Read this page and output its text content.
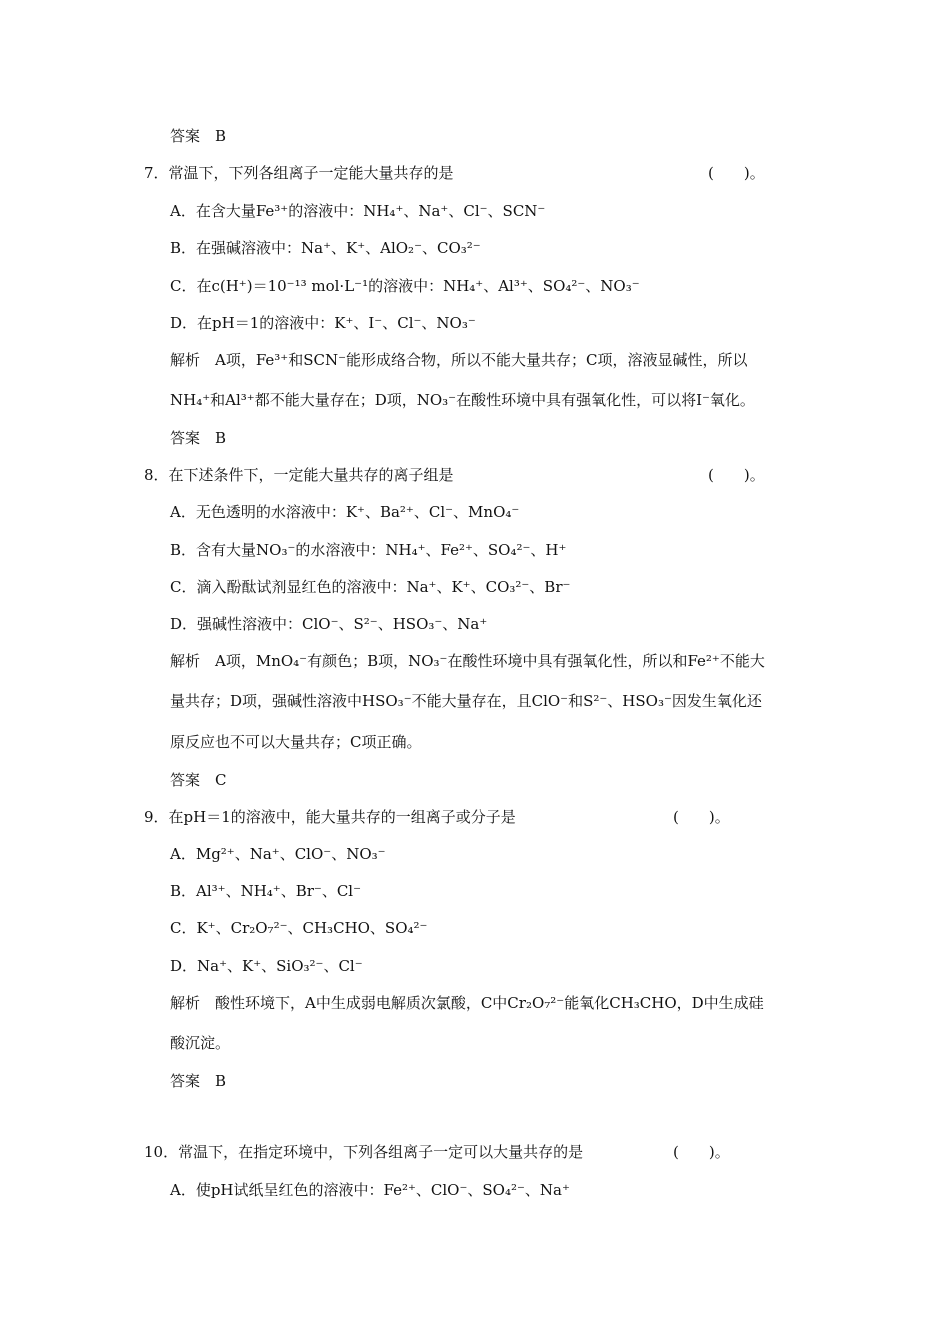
答案　B
7．常温下，下列各组离子一定能大量共存的是	(　　)。
A．在含大量Fe³⁺的溶液中：NH₄⁺、Na⁺、Cl⁻、SCN⁻
B．在强碱溶液中：Na⁺、K⁺、AlO₂⁻、CO₃²⁻
C．在c(H⁺)＝10⁻¹³ mol·L⁻¹的溶液中：NH₄⁺、Al³⁺、SO₄²⁻、NO₃⁻
D．在pH＝1的溶液中：K⁺、I⁻、Cl⁻、NO₃⁻
解析　A项，Fe³⁺和SCN⁻能形成络合物，所以不能大量共存；C项，溶液显碱性，所以
NH₄⁺和Al³⁺都不能大量存在；D项，NO₃⁻在酸性环境中具有强氧化性，可以将I⁻氧化。
答案　B
8．在下述条件下，一定能大量共存的离子组是	(　　)。
A．无色透明的水溶液中：K⁺、Ba²⁺、Cl⁻、MnO₄⁻
B．含有大量NO₃⁻的水溶液中：NH₄⁺、Fe²⁺、SO₄²⁻、H⁺
C．滴入酚酞试剂显红色的溶液中：Na⁺、K⁺、CO₃²⁻、Br⁻
D．强碱性溶液中：ClO⁻、S²⁻、HSO₃⁻、Na⁺
解析　A项，MnO₄⁻有颜色；B项，NO₃⁻在酸性环境中具有强氧化性，所以和Fe²⁺不能大
量共存；D项，强碱性溶液中HSO₃⁻不能大量存在，且ClO⁻和S²⁻、HSO₃⁻因发生氧化还
原反应也不可以大量共存；C项正确。
答案　C
9．在pH＝1的溶液中，能大量共存的一组离子或分子是	(　　)。
A．Mg²⁺、Na⁺、ClO⁻、NO₃⁻
B．Al³⁺、NH₄⁺、Br⁻、Cl⁻
C．K⁺、Cr₂O₇²⁻、CH₃CHO、SO₄²⁻
D．Na⁺、K⁺、SiO₃²⁻、Cl⁻
解析　酸性环境下，A中生成弱电解质次氯酸，C中Cr₂O₇²⁻能氧化CH₃CHO，D中生成硅
酸沉淀。
答案　B
10．常温下，在指定环境中，下列各组离子一定可以大量共存的是	(　　)。
A．使pH试纸呈红色的溶液中：Fe²⁺、ClO⁻、SO₄²⁻、Na⁺
